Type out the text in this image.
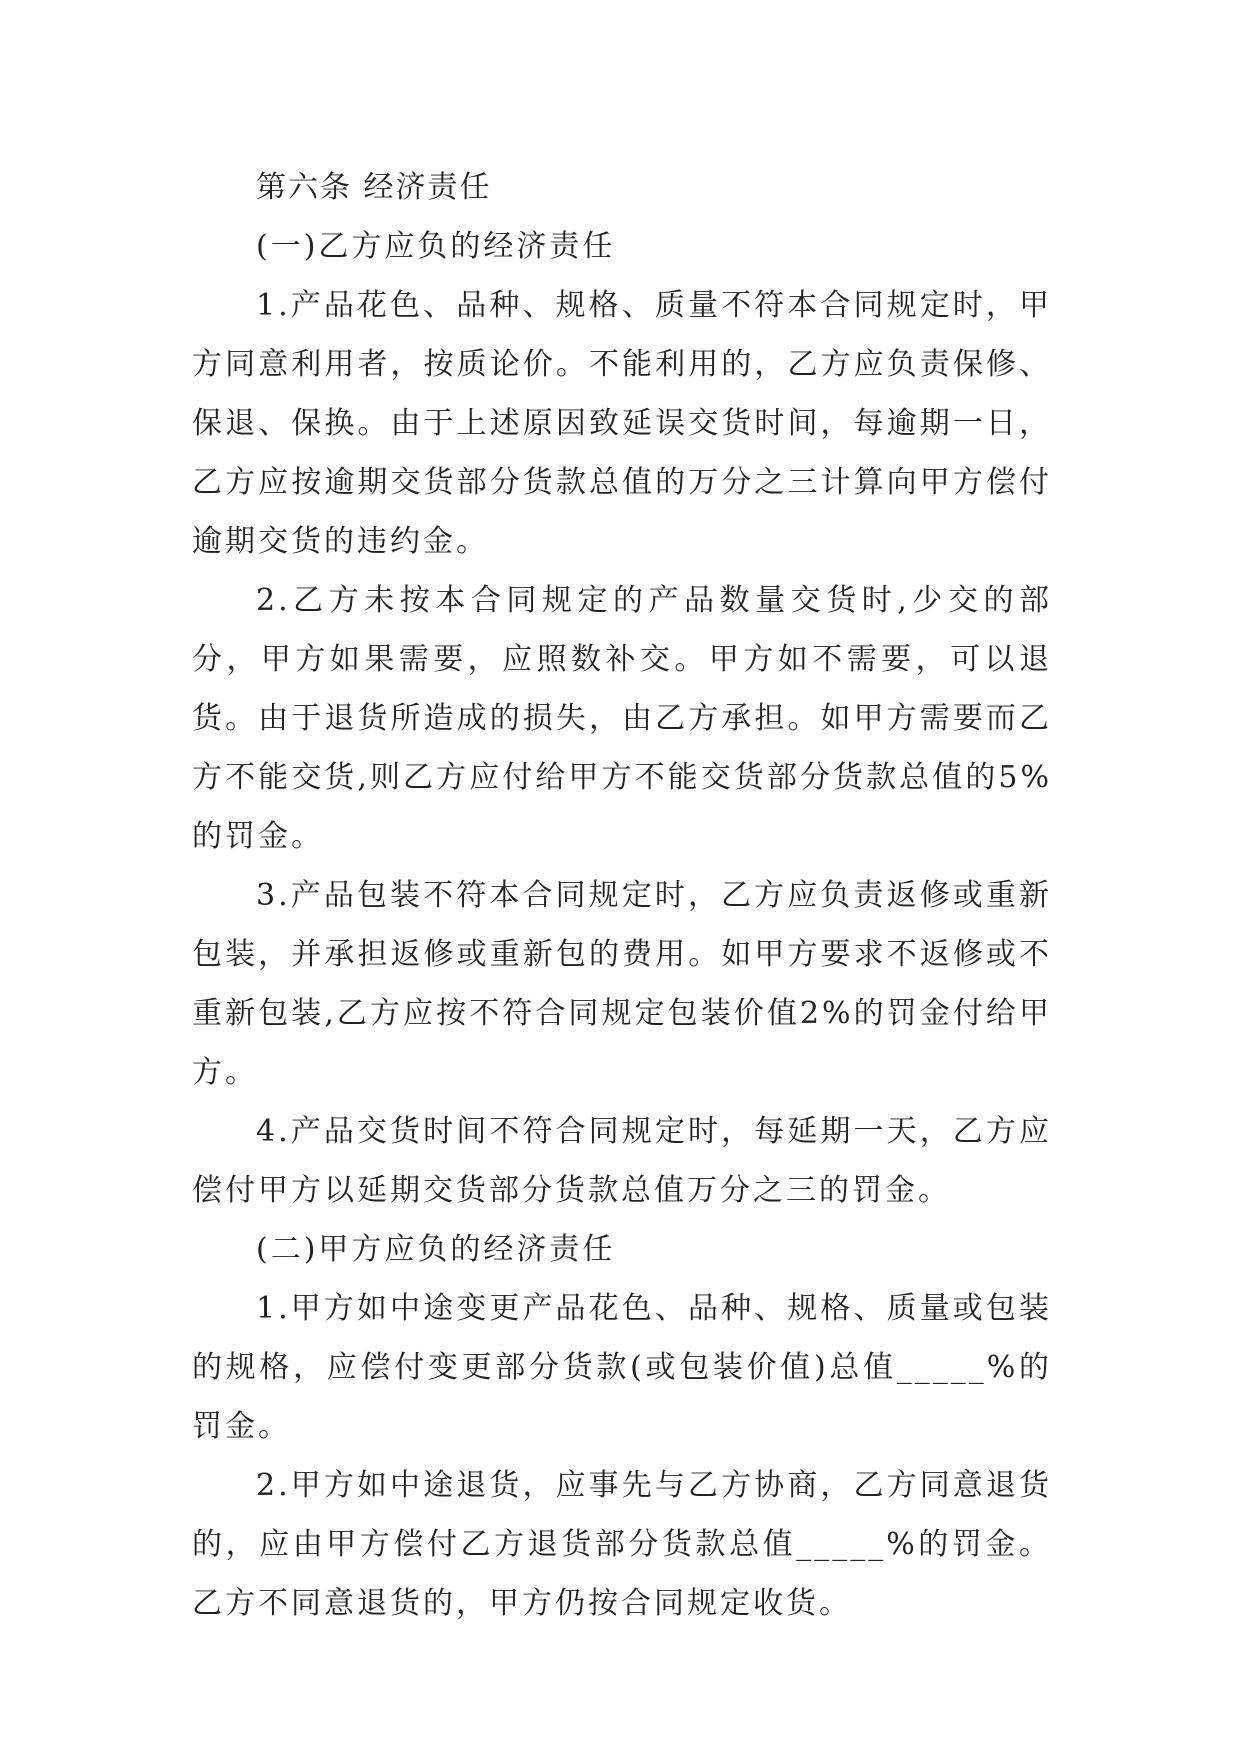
第六条 经济责任

(一)乙方应负的经济责任

1.产品花色、品种、规格、质量不符本合同规定时，甲方同意利用者，按质论价。不能利用的，乙方应负责保修、保退、保换。由于上述原因致延误交货时间，每逾期一日，乙方应按逾期交货部分货款总值的万分之三计算向甲方偿付逾期交货的违约金。

2.乙方未按本合同规定的产品数量交货时,少交的部分，甲方如果需要，应照数补交。甲方如不需要，可以退货。由于退货所造成的损失，由乙方承担。如甲方需要而乙方不能交货,则乙方应付给甲方不能交货部分货款总值的5%的罚金。

3.产品包装不符本合同规定时，乙方应负责返修或重新包装，并承担返修或重新包的费用。如甲方要求不返修或不重新包装,乙方应按不符合同规定包装价值2%的罚金付给甲方。

4.产品交货时间不符合同规定时，每延期一天，乙方应偿付甲方以延期交货部分货款总值万分之三的罚金。

(二)甲方应负的经济责任

1.甲方如中途变更产品花色、品种、规格、质量或包装的规格，应偿付变更部分货款(或包装价值)总值_____%的罚金。

2.甲方如中途退货，应事先与乙方协商，乙方同意退货的，应由甲方偿付乙方退货部分货款总值_____%的罚金。乙方不同意退货的，甲方仍按合同规定收货。
